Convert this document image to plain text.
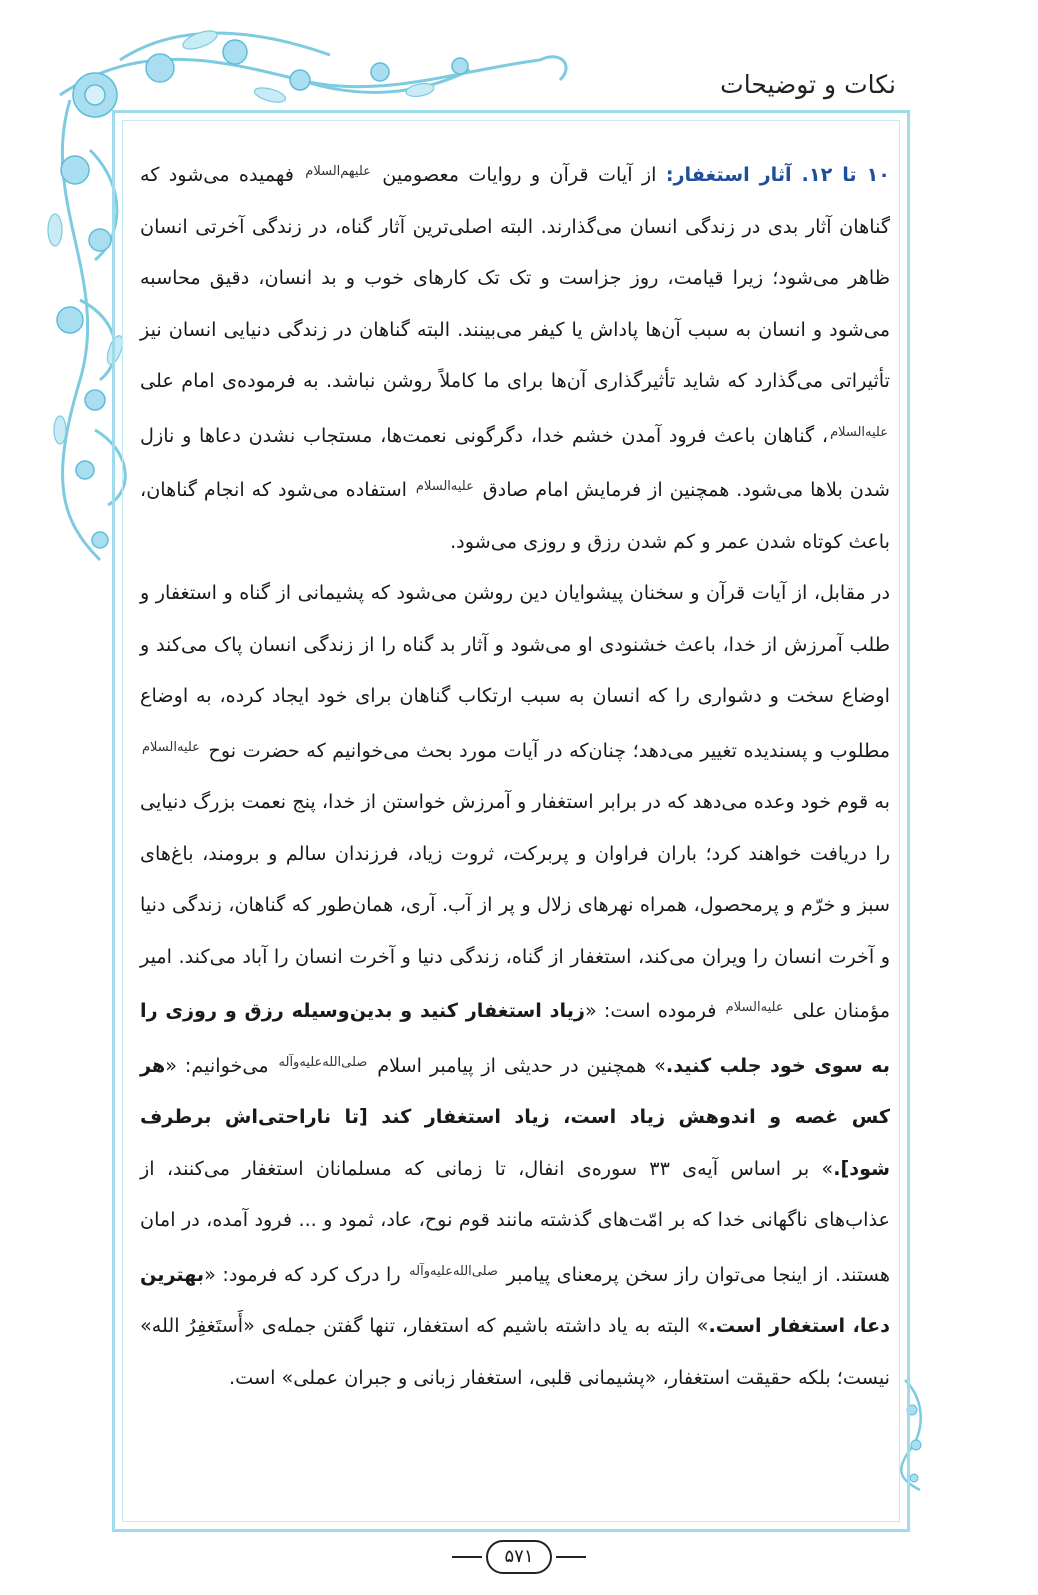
نکات و توضیحات

۱۰ تا ۱۲. آثار استغفار: از آیات قرآن و روایات معصومین $^{علیهم‌السلام}$ فهمیده می‌شود که گناهان آثار بدی در زندگی انسان می‌گذارند. البته اصلی‌ترین آثار گناه، در زندگی آخرتی انسان ظاهر می‌شود؛ زیرا قیامت، روز جزاست و تک تک کارهای خوب و بد انسان، دقیق محاسبه می‌شود و انسان به سبب آن‌ها پاداش یا کیفر می‌بینند. البته گناهان در زندگی دنیایی انسان نیز تأثیراتی می‌گذارد که شاید تأثیرگذاری آن‌ها برای ما کاملاً روشن نباشد. به فرموده‌ی امام علی $^{علیه‌السلام}$، گناهان باعث فرود آمدن خشم خدا، دگرگونی نعمت‌ها، مستجاب نشدن دعاها و نازل شدن بلاها می‌شود. همچنین از فرمایش امام صادق $^{علیه‌السلام}$ استفاده می‌شود که انجام گناهان، باعث کوتاه شدن عمر و کم شدن رزق و روزی می‌شود.

در مقابل، از آیات قرآن و سخنان پیشوایان دین روشن می‌شود که پشیمانی از گناه و استغفار و طلب آمرزش از خدا، باعث خشنودی او می‌شود و آثار بد گناه را از زندگی انسان پاک می‌کند و اوضاع سخت و دشواری را که انسان به سبب ارتکاب گناهان برای خود ایجاد کرده، به اوضاع مطلوب و پسندیده تغییر می‌دهد؛ چنان‌که در آیات مورد بحث می‌خوانیم که حضرت نوح $^{علیه‌السلام}$ به قوم خود وعده می‌دهد که در برابر استغفار و آمرزش خواستن از خدا، پنج نعمت بزرگ دنیایی را دریافت خواهند کرد؛ باران فراوان و پربرکت، ثروت زیاد، فرزندان سالم و برومند، باغ‌های سبز و خرّم و پرمحصول، همراه نهرهای زلال و پر از آب. آری، همان‌طور که گناهان، زندگی دنیا و آخرت انسان را ویران می‌کند، استغفار از گناه، زندگی دنیا و آخرت انسان را آباد می‌کند. امیر مؤمنان علی $^{علیه‌السلام}$ فرموده است: «زیاد استغفار کنید و بدین‌وسیله رزق و روزی را به سوی خود جلب کنید.» همچنین در حدیثی از پیامبر اسلام $^{صلی‌الله‌علیه‌وآله}$ می‌خوانیم: «هر کس غصه و اندوهش زیاد است، زیاد استغفار کند [تا ناراحتی‌اش برطرف شود].» بر اساس آیه‌ی ۳۳ سوره‌ی انفال، تا زمانی که مسلمانان استغفار می‌کنند، از عذاب‌های ناگهانی خدا که بر امّت‌های گذشته مانند قوم نوح، عاد، ثمود و ... فرود آمده، در امان هستند. از اینجا می‌توان راز سخن پرمعنای پیامبر $^{صلی‌الله‌علیه‌وآله}$ را درک کرد که فرمود: «بهترین دعا، استغفار است.» البته به یاد داشته باشیم که استغفار، تنها گفتن جمله‌ی «أَستَغفِرُ الله» نیست؛ بلکه حقیقت استغفار، «پشیمانی قلبی، استغفار زبانی و جبران عملی» است.

۵۷۱
